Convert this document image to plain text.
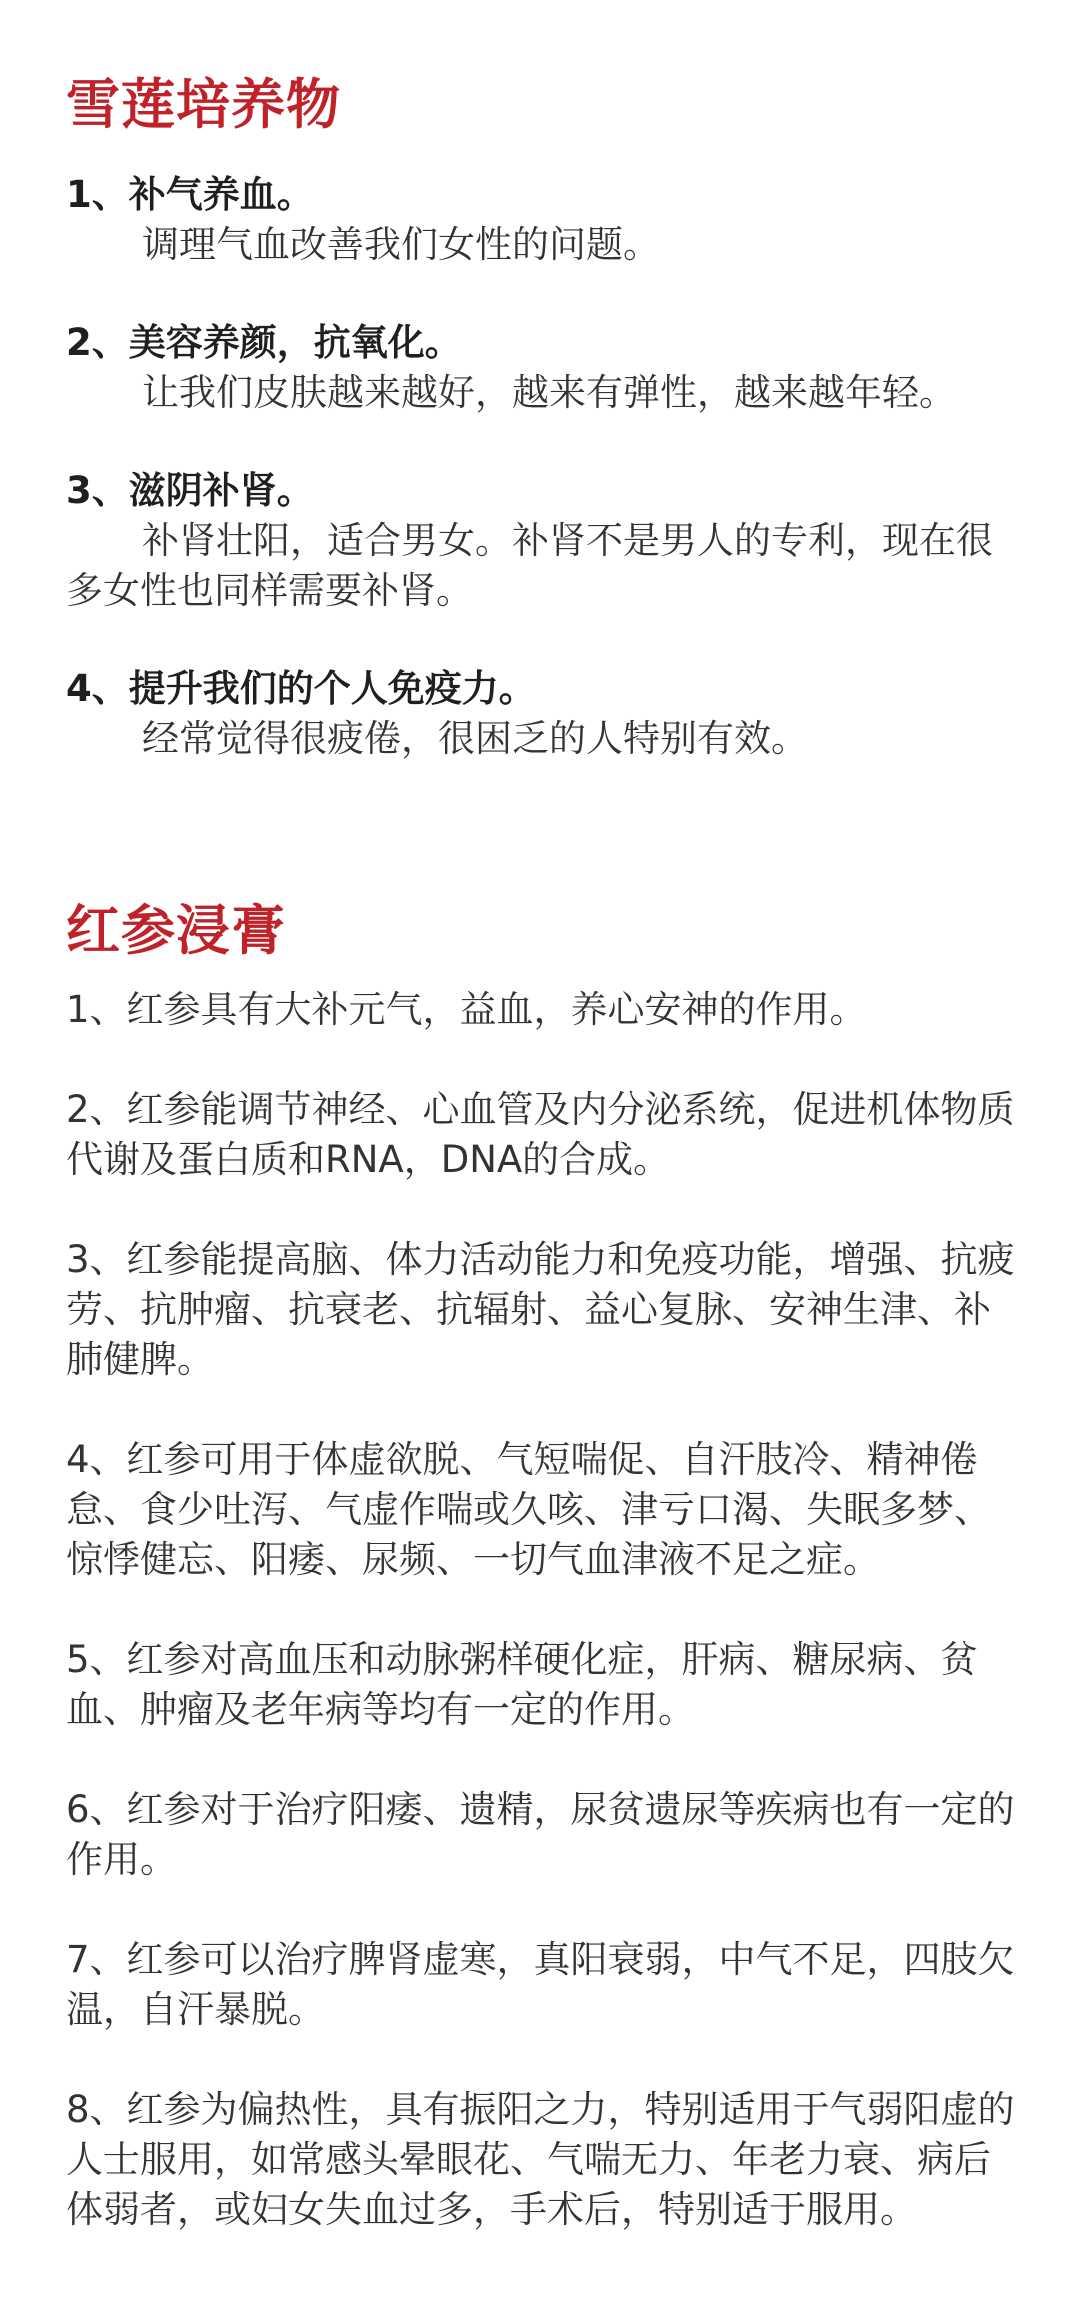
雪莲培养物

1、补气养血。

调理气血改善我们女性的问题。

2、美容养颜，抗氧化。

让我们皮肤越来越好，越来有弹性，越来越年轻。

3、滋阴补肾。

补肾壮阳，适合男女。补肾不是男人的专利，现在很多女性也同样需要补肾。

4、提升我们的个人免疫力。

经常觉得很疲倦，很困乏的人特别有效。

红参浸膏

1、红参具有大补元气，益血，养心安神的作用。

2、红参能调节神经、心血管及内分泌系统，促进机体物质代谢及蛋白质和RNA，DNA的合成。

3、红参能提高脑、体力活动能力和免疫功能，增强、抗疲劳、抗肿瘤、抗衰老、抗辐射、益心复脉、安神生津、补肺健脾。

4、红参可用于体虚欲脱、气短喘促、自汗肢冷、精神倦怠、食少吐泻、气虚作喘或久咳、津亏口渴、失眠多梦、惊悸健忘、阳痿、尿频、一切气血津液不足之症。

5、红参对高血压和动脉粥样硬化症，肝病、糖尿病、贫血、肿瘤及老年病等均有一定的作用。

6、红参对于治疗阳痿、遗精，尿贫遗尿等疾病也有一定的作用。

7、红参可以治疗脾肾虚寒，真阳衰弱，中气不足，四肢欠温，自汗暴脱。

8、红参为偏热性，具有振阳之力，特别适用于气弱阳虚的人士服用，如常感头晕眼花、气喘无力、年老力衰、病后体弱者，或妇女失血过多，手术后，特别适于服用。
